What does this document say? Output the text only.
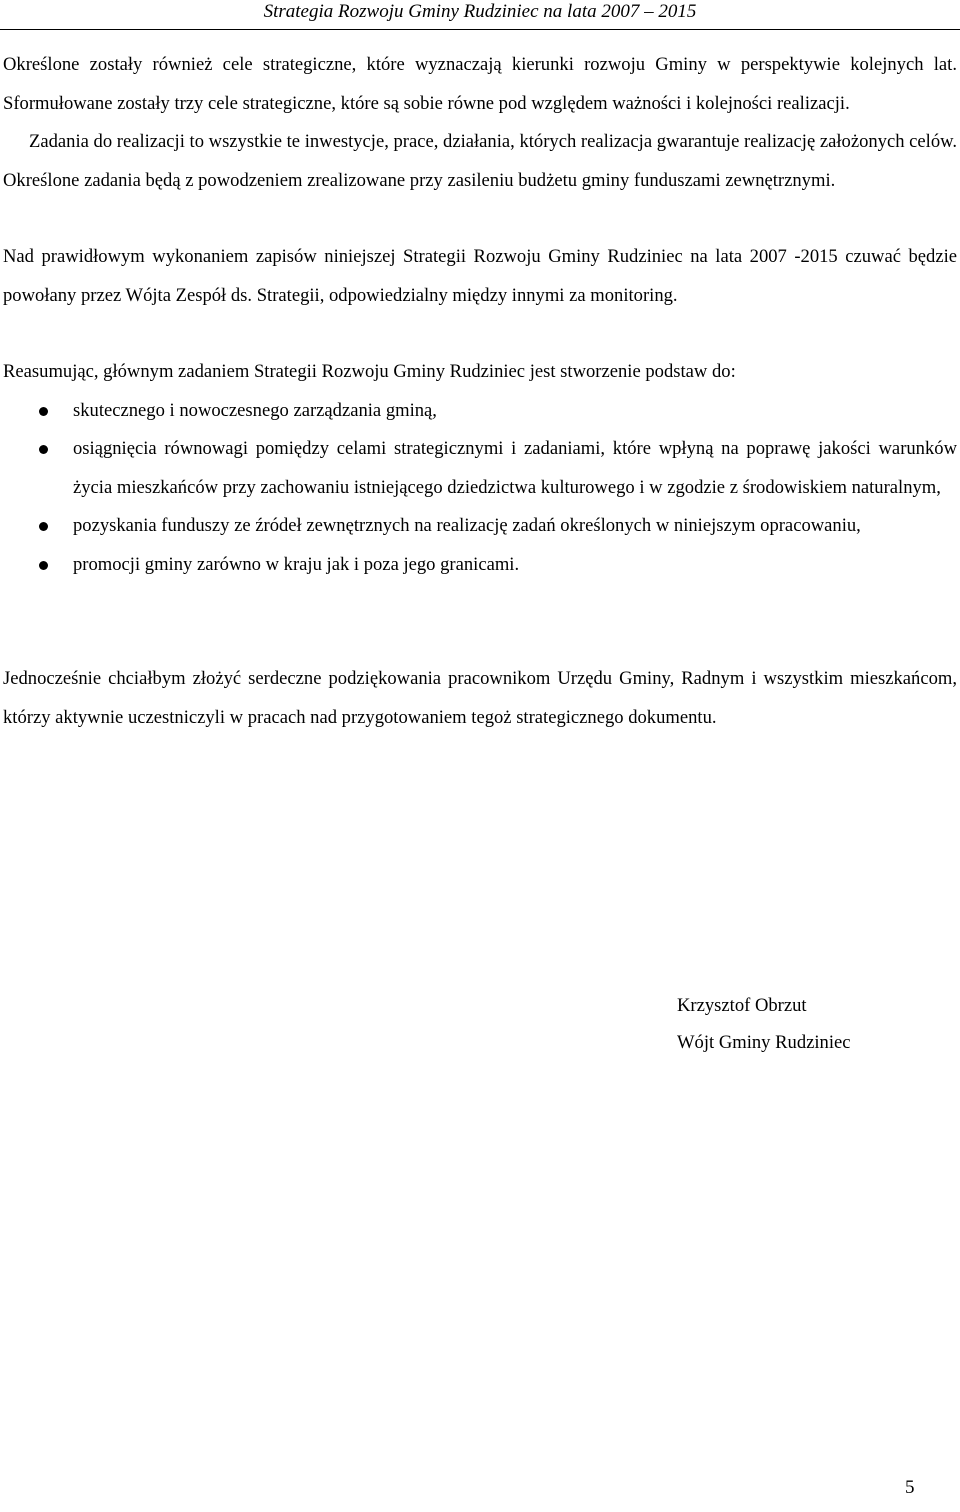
Strategia Rozwoju Gminy Rudziniec na lata 2007 – 2015

Określone zostały również cele strategiczne, które wyznaczają kierunki rozwoju Gminy w perspektywie kolejnych lat. Sformułowane zostały trzy cele strategiczne, które są sobie równe pod względem ważności i kolejności realizacji.

Zadania do realizacji to wszystkie te inwestycje, prace, działania, których realizacja gwarantuje realizację założonych celów. Określone zadania będą z powodzeniem zrealizowane przy zasileniu budżetu gminy funduszami zewnętrznymi.

Nad prawidłowym wykonaniem zapisów niniejszej Strategii Rozwoju Gminy Rudziniec na lata 2007 -2015 czuwać będzie powołany przez Wójta Zespół ds. Strategii, odpowiedzialny między innymi za monitoring.

Reasumując, głównym zadaniem Strategii Rozwoju Gminy Rudziniec jest stworzenie podstaw do:

skutecznego i nowoczesnego zarządzania gminą,
osiągnięcia równowagi pomiędzy celami strategicznymi i zadaniami, które wpłyną na poprawę jakości warunków życia mieszkańców przy zachowaniu istniejącego dziedzictwa kulturowego i w zgodzie z środowiskiem naturalnym,
pozyskania funduszy ze źródeł zewnętrznych na realizację zadań określonych w niniejszym opracowaniu,
promocji gminy zarówno w kraju jak i poza jego granicami.

Jednocześnie chciałbym złożyć serdeczne podziękowania pracownikom Urzędu Gminy, Radnym i wszystkim mieszkańcom, którzy aktywnie uczestniczyli w pracach nad przygotowaniem tegoż strategicznego dokumentu.

Krzysztof Obrzut
Wójt Gminy Rudziniec
5
